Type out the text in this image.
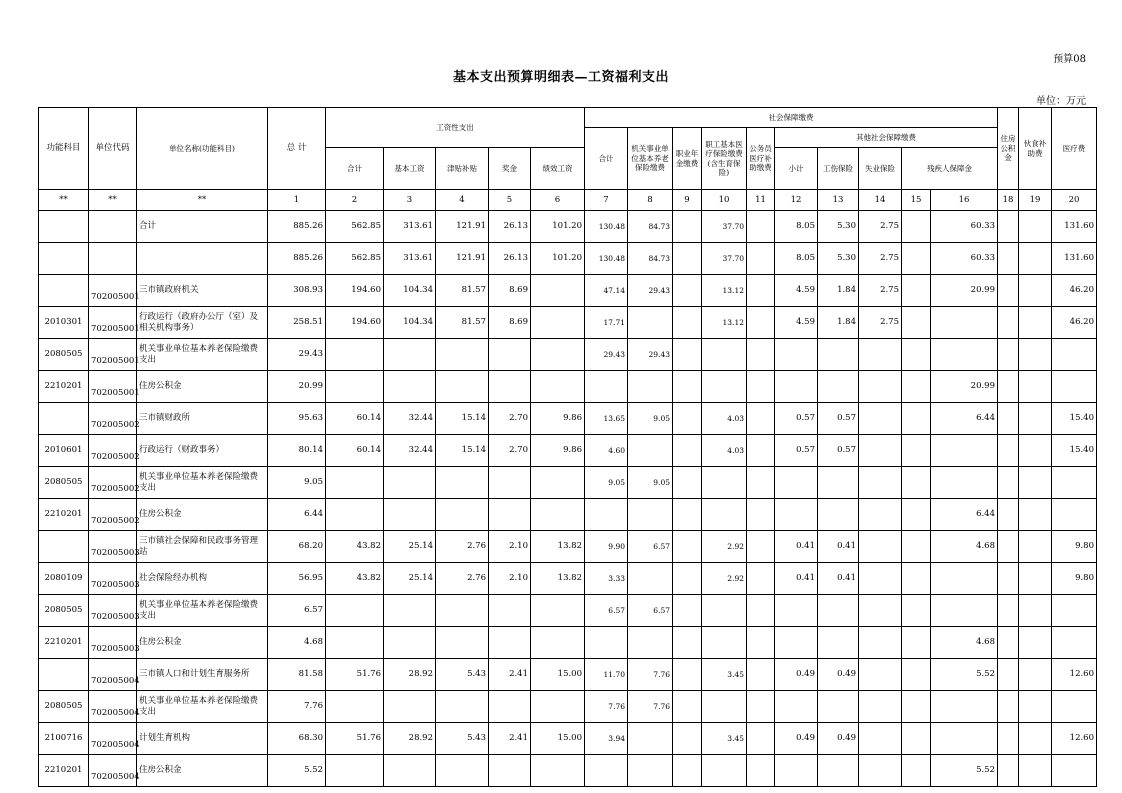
预算08
基本支出预算明细表—工资福利支出
单位：万元
功能科目	单位代码	单位名称(功能科目)	总 计	工资性支出					社会保障缴费										住房公积金	伙食补助费	医疗费	
									合计	机关事业单位基本养老保险缴费	职业年金缴费	职工基本医疗保险缴费(含生育保险)	公务员医疗补助缴费	其他社会保障缴费								
				合计	基本工资	津贴补贴	奖金	绩效工资						小计	工伤保险	失业保险	残疾人保障金					
**	**	**	1	2	3	4	5	6	7	8	9	10	11	12	13	14	15	16	18	19	20	
		合计	885.26	562.85	313.61	121.91	26.13	101.20	130.48	84.73		37.70		8.05	5.30	2.75		60.33			131.60	
			885.26	562.85	313.61	121.91	26.13	101.20	130.48	84.73		37.70		8.05	5.30	2.75		60.33			131.60	
	702005001	三市镇政府机关	308.93	194.60	104.34	81.57	8.69		47.14	29.43		13.12		4.59	1.84	2.75		20.99			46.20	
2010301	702005001	行政运行（政府办公厅（室）及相关机构事务）	258.51	194.60	104.34	81.57	8.69		17.71			13.12		4.59	1.84	2.75					46.20	
2080505	702005001	机关事业单位基本养老保险缴费支出	29.43						29.43	29.43												
2210201	702005001	住房公积金	20.99															20.99				
	702005002	三市镇财政所	95.63	60.14	32.44	15.14	2.70	9.86	13.65	9.05		4.03		0.57	0.57			6.44			15.40	
2010601	702005002	行政运行（财政事务）	80.14	60.14	32.44	15.14	2.70	9.86	4.60			4.03		0.57	0.57						15.40	
2080505	702005002	机关事业单位基本养老保险缴费支出	9.05						9.05	9.05												
2210201	702005002	住房公积金	6.44															6.44				
	702005003	三市镇社会保障和民政事务管理站	68.20	43.82	25.14	2.76	2.10	13.82	9.90	6.57		2.92		0.41	0.41			4.68			9.80	
2080109	702005003	社会保险经办机构	56.95	43.82	25.14	2.76	2.10	13.82	3.33			2.92		0.41	0.41						9.80	
2080505	702005003	机关事业单位基本养老保险缴费支出	6.57						6.57	6.57												
2210201	702005003	住房公积金	4.68															4.68				
	702005004	三市镇人口和计划生育服务所	81.58	51.76	28.92	5.43	2.41	15.00	11.70	7.76		3.45		0.49	0.49			5.52			12.60	
2080505	702005004	机关事业单位基本养老保险缴费支出	7.76						7.76	7.76												
2100716	702005004	计划生育机构	68.30	51.76	28.92	5.43	2.41	15.00	3.94			3.45		0.49	0.49						12.60	
2210201	702005004	住房公积金	5.52															5.52				
